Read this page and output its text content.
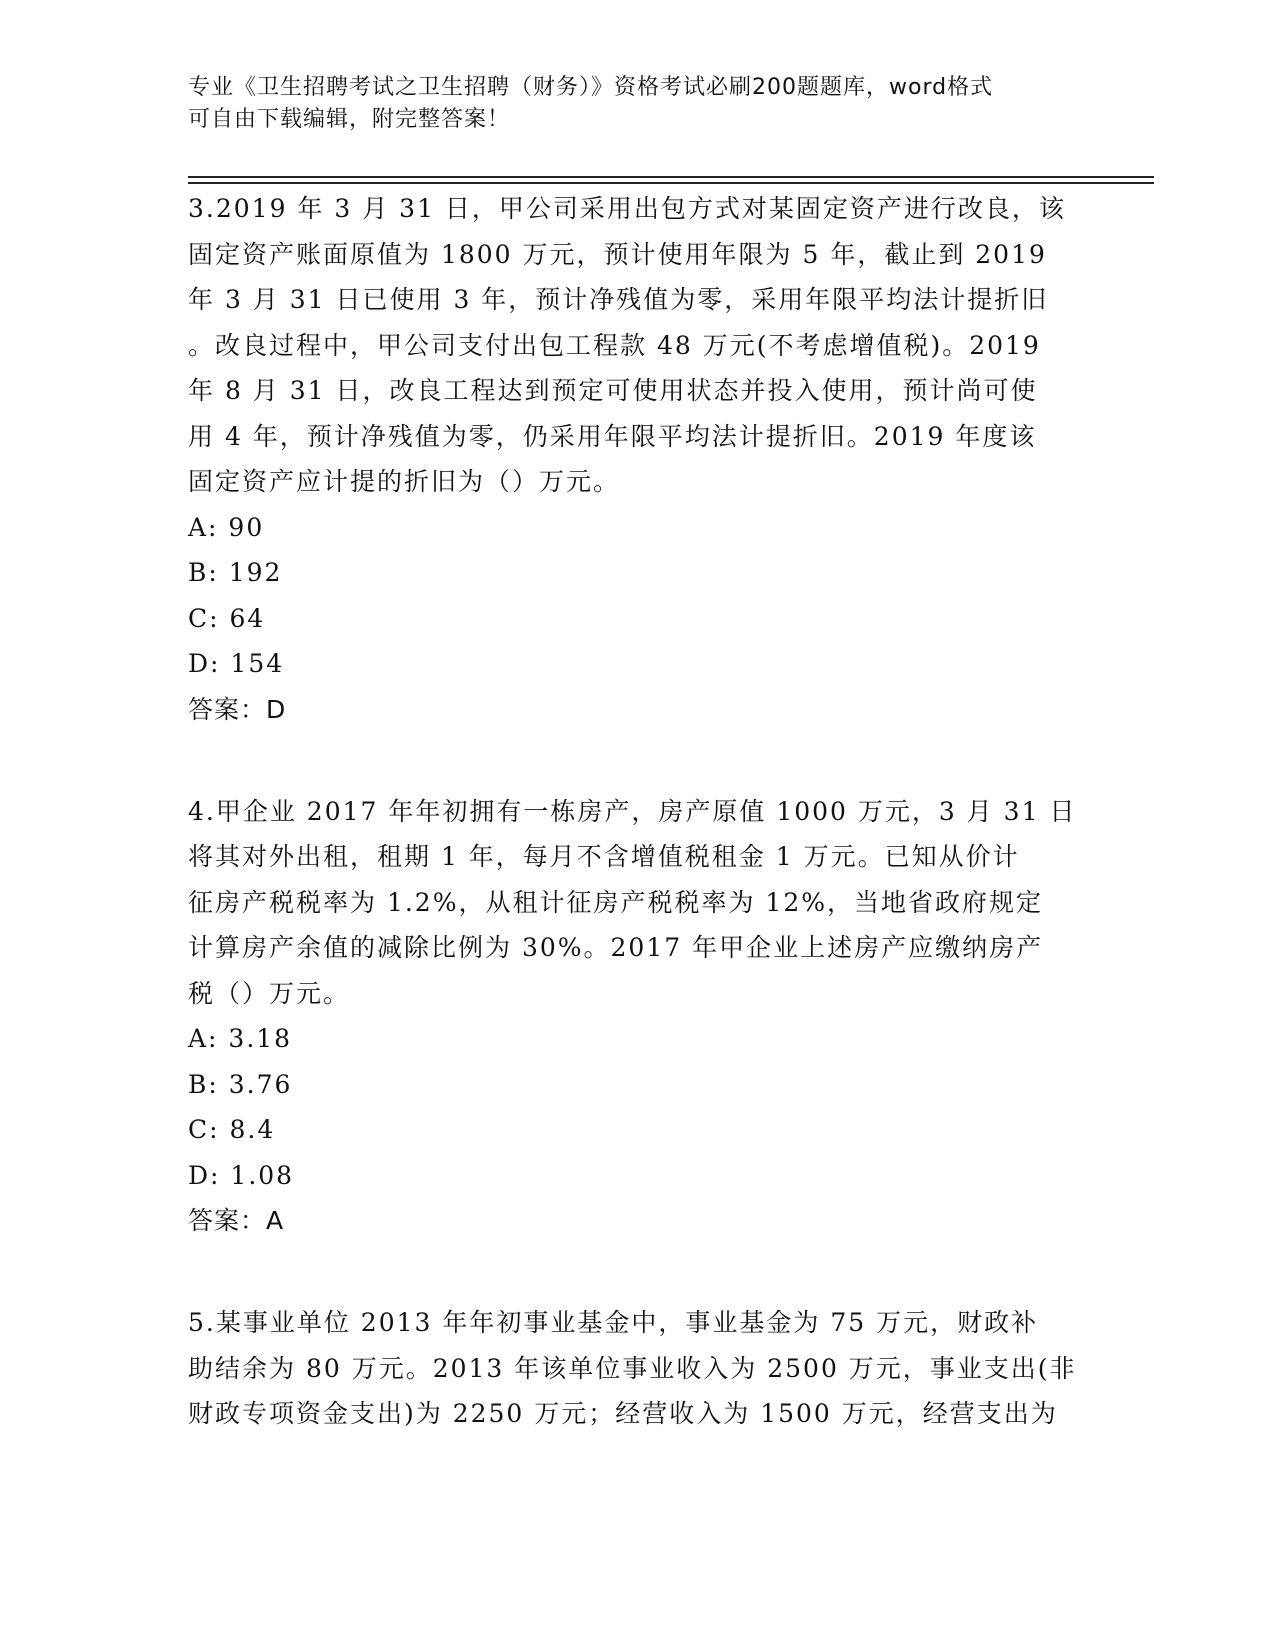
专业《卫生招聘考试之卫生招聘（财务）》资格考试必刷200题题库，word格式
可自由下载编辑，附完整答案！
3.2019 年 3 月 31 日，甲公司采用出包方式对某固定资产进行改良，该
固定资产账面原值为 1800 万元，预计使用年限为 5 年，截止到 2019
年 3 月 31 日已使用 3 年，预计净残值为零，采用年限平均法计提折旧
。改良过程中，甲公司支付出包工程款 48 万元(不考虑增值税)。2019
年 8 月 31 日，改良工程达到预定可使用状态并投入使用，预计尚可使
用 4 年，预计净残值为零，仍采用年限平均法计提折旧。2019 年度该
固定资产应计提的折旧为（）万元。
A: 90
B: 192
C: 64
D: 154
答案：D
4.甲企业 2017 年年初拥有一栋房产，房产原值 1000 万元，3 月 31 日
将其对外出租，租期 1 年，每月不含增值税租金 1 万元。已知从价计
征房产税税率为 1.2%，从租计征房产税税率为 12%，当地省政府规定
计算房产余值的减除比例为 30%。2017 年甲企业上述房产应缴纳房产
税（）万元。
A: 3.18
B: 3.76
C: 8.4
D: 1.08
答案：A
5.某事业单位 2013 年年初事业基金中，事业基金为 75 万元，财政补
助结余为 80 万元。2013 年该单位事业收入为 2500 万元，事业支出(非
财政专项资金支出)为 2250 万元；经营收入为 1500 万元，经营支出为
